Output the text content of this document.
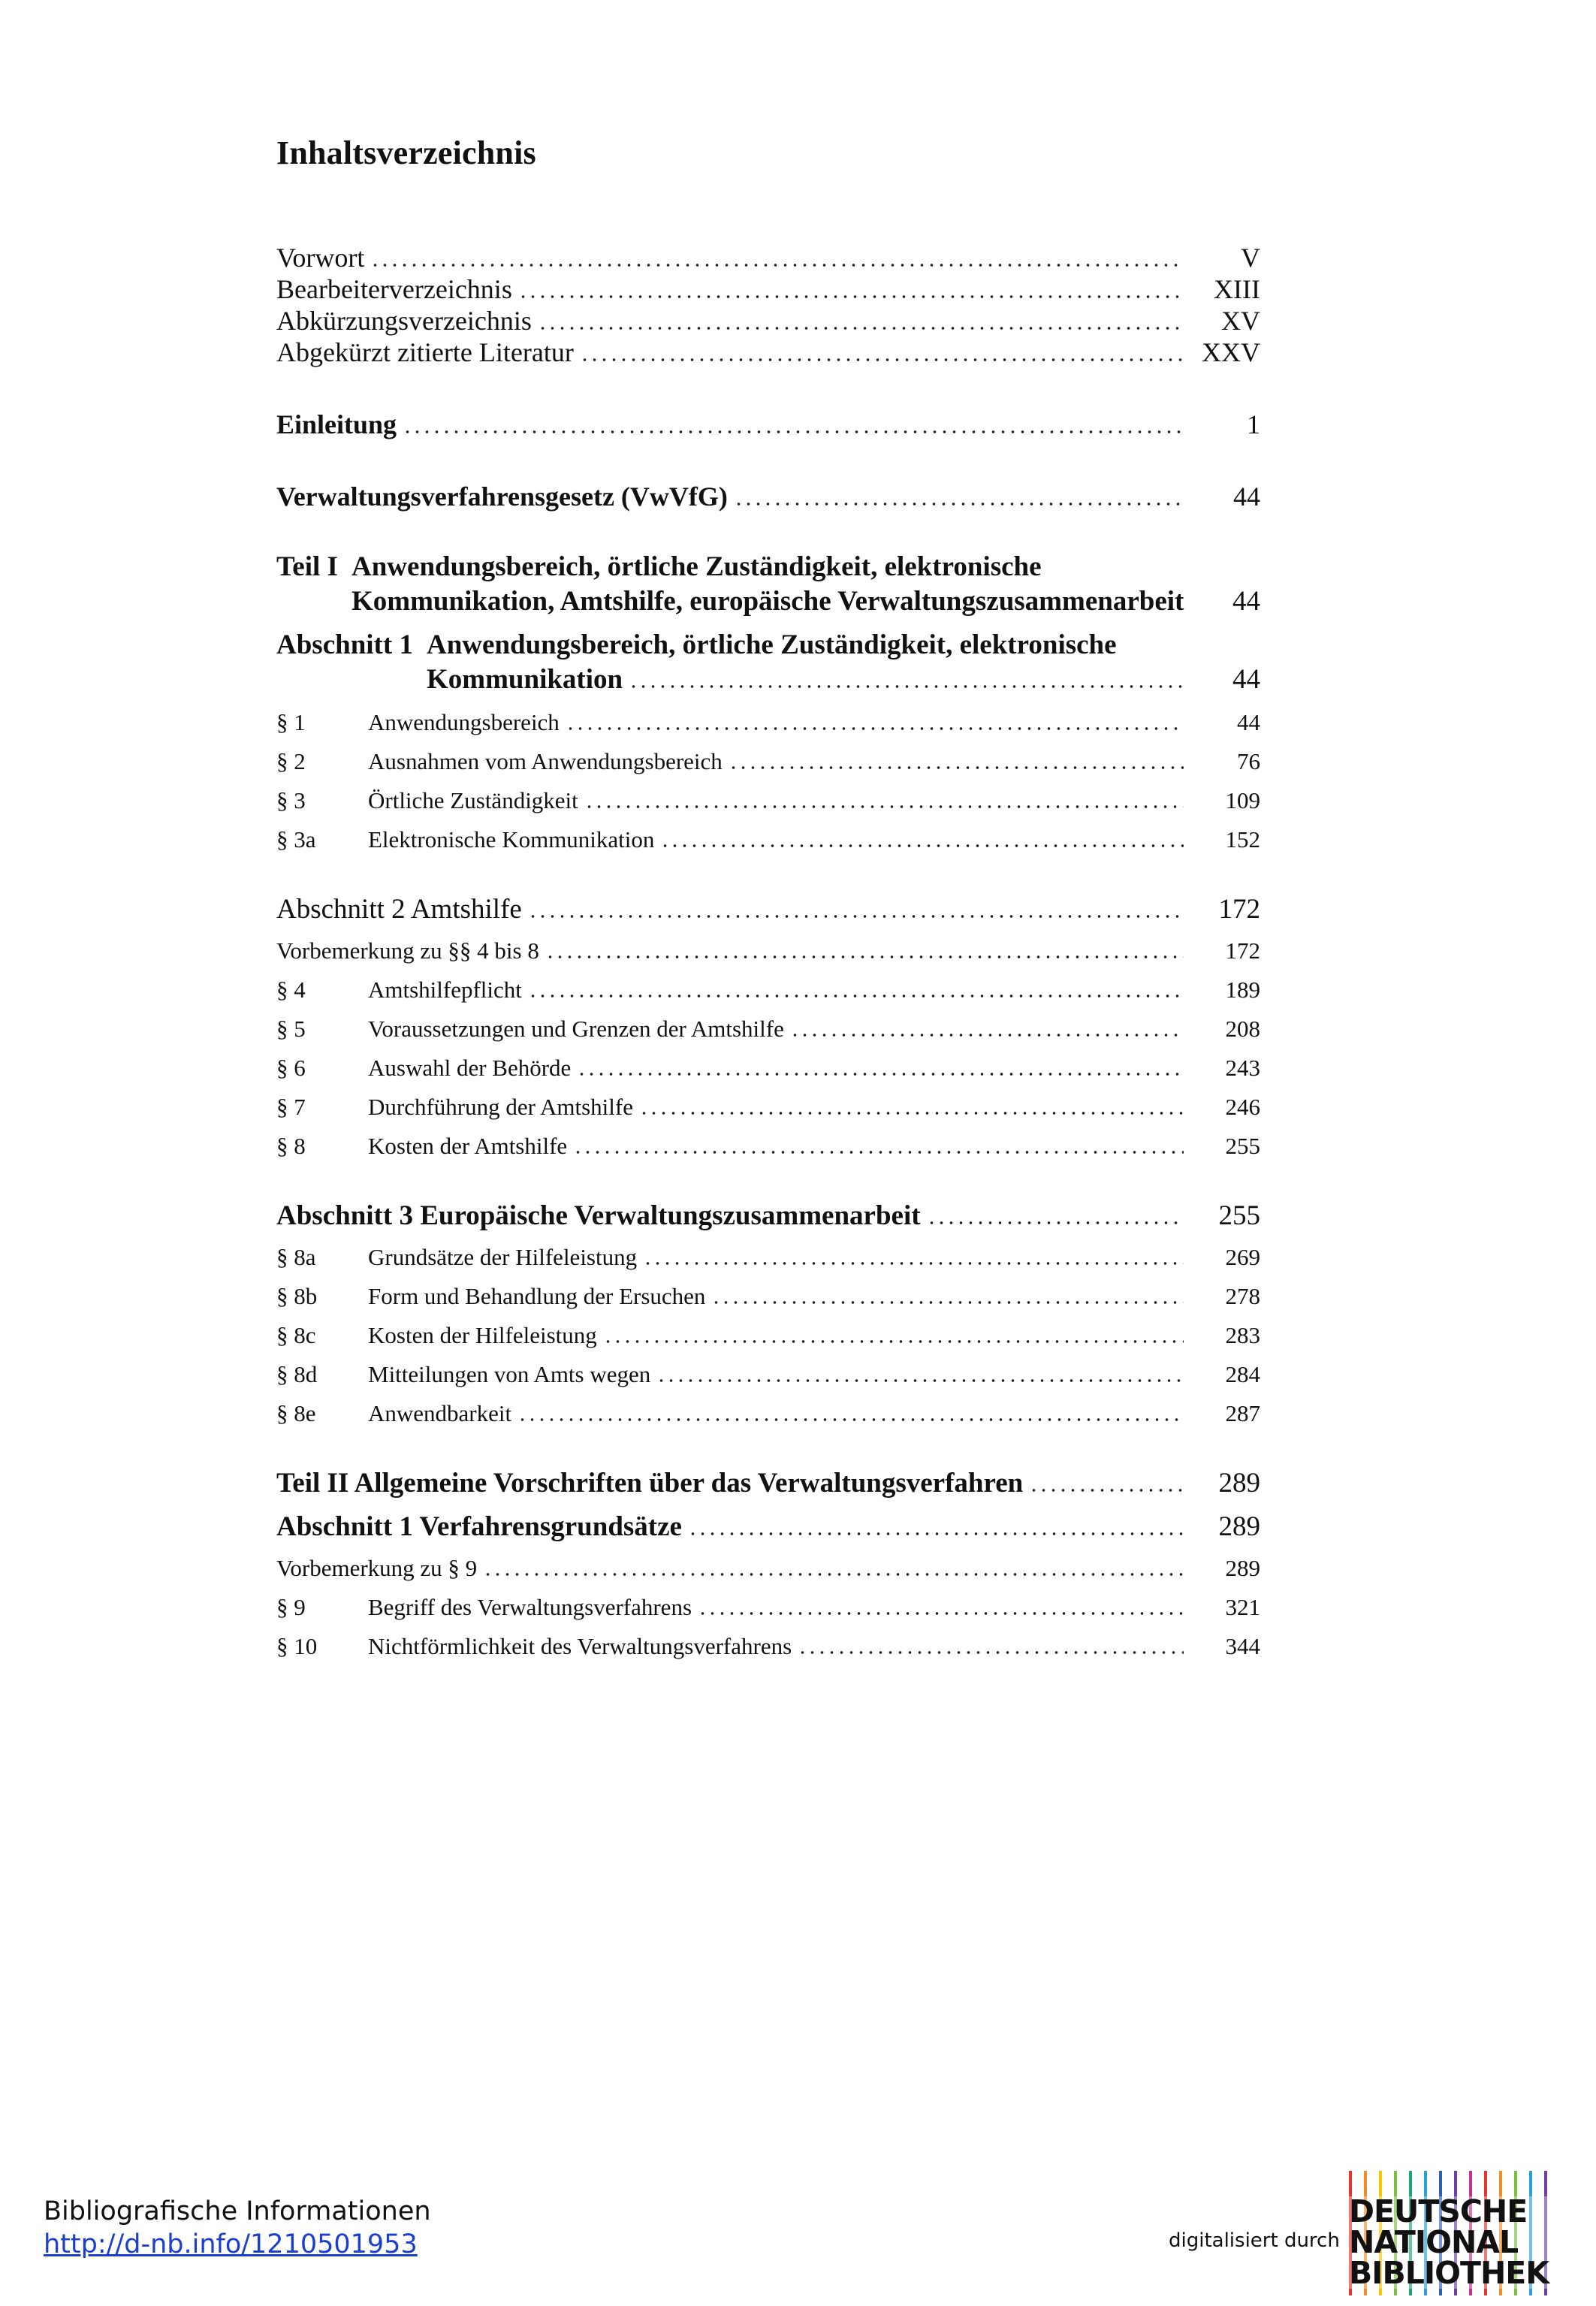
Inhaltsverzeichnis
Vorwort	V
Bearbeiterverzeichnis	XIII
Abkürzungsverzeichnis	XV
Abgekürzt zitierte Literatur	XXV
Einleitung	1
Verwaltungsverfahrensgesetz (VwVfG)	44
Teil I Anwendungsbereich, örtliche Zuständigkeit, elektronische
Kommunikation, Amtshilfe, europäische Verwaltungszusammenarbeit	44
Abschnitt 1 Anwendungsbereich, örtliche Zuständigkeit, elektronische
Kommunikation	44
§ 1	Anwendungsbereich	44
§ 2	Ausnahmen vom Anwendungsbereich	76
§ 3	Örtliche Zuständigkeit	109
§ 3a	Elektronische Kommunikation	152
Abschnitt 2 Amtshilfe	172
Vorbemerkung zu §§ 4 bis 8	172
§ 4	Amtshilfepflicht	189
§ 5	Voraussetzungen und Grenzen der Amtshilfe	208
§ 6	Auswahl der Behörde	243
§ 7	Durchführung der Amtshilfe	246
§ 8	Kosten der Amtshilfe	255
Abschnitt 3 Europäische Verwaltungszusammenarbeit	255
§ 8a	Grundsätze der Hilfeleistung	269
§ 8b	Form und Behandlung der Ersuchen	278
§ 8c	Kosten der Hilfeleistung	283
§ 8d	Mitteilungen von Amts wegen	284
§ 8e	Anwendbarkeit	287
Teil II Allgemeine Vorschriften über das Verwaltungsverfahren	289
Abschnitt 1 Verfahrensgrundsätze	289
Vorbemerkung zu § 9	289
§ 9	Begriff des Verwaltungsverfahrens	321
§ 10	Nichtförmlichkeit des Verwaltungsverfahrens	344
Bibliografische Informationen
http://d-nb.info/1210501953	digitalisiert durch
DEUTSCHE
NATIONAL
BIBLIOTHEK
